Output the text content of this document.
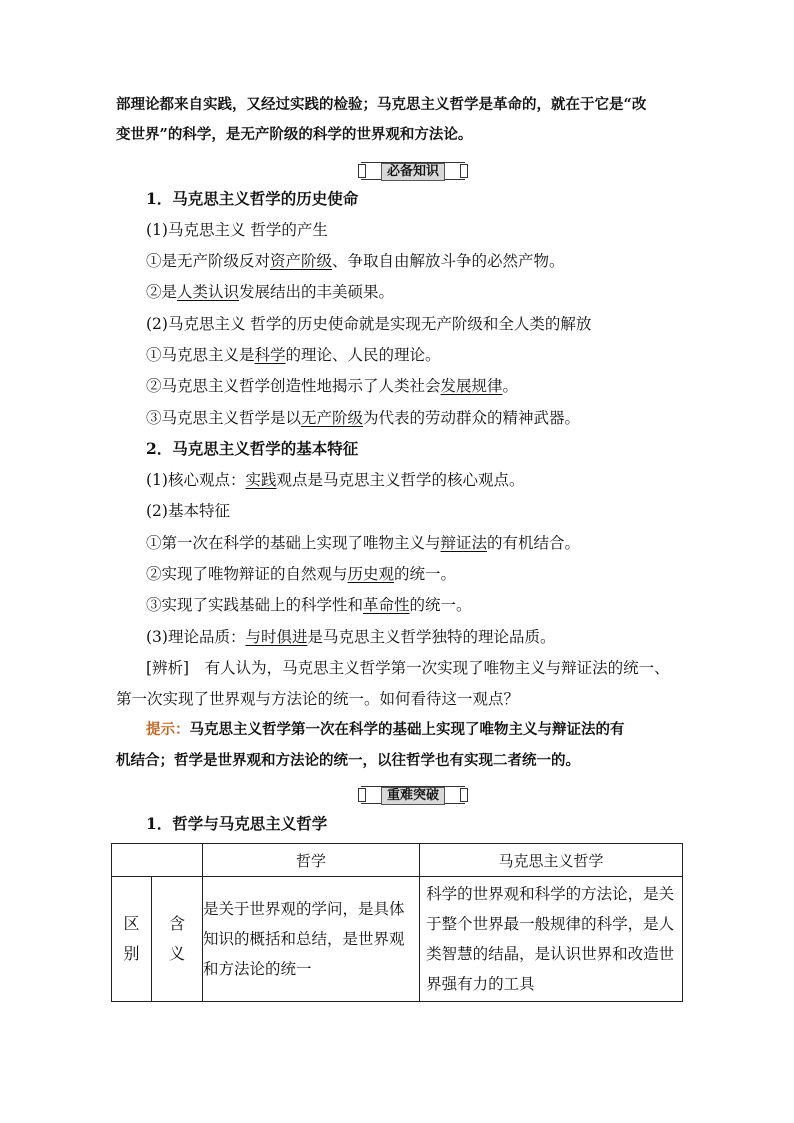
部理论都来自实践，又经过实践的检验；马克思主义哲学是革命的，就在于它是“改
变世界”的科学，是无产阶级的科学的世界观和方法论。
必备知识
1．马克思主义哲学的历史使命
(1)马克思主义 哲学的产生
①是无产阶级反对资产阶级、争取自由解放斗争的必然产物。
②是人类认识发展结出的丰美硕果。
(2)马克思主义 哲学的历史使命就是实现无产阶级和全人类的解放
①马克思主义是科学的理论、人民的理论。
②马克思主义哲学创造性地揭示了人类社会发展规律。
③马克思主义哲学是以无产阶级为代表的劳动群众的精神武器。
2．马克思主义哲学的基本特征
(1)核心观点：实践观点是马克思主义哲学的核心观点。
(2)基本特征
①第一次在科学的基础上实现了唯物主义与辩证法的有机结合。
②实现了唯物辩证的自然观与历史观的统一。
③实现了实践基础上的科学性和革命性的统一。
(3)理论品质：与时俱进是马克思主义哲学独特的理论品质。
[辨析]　有人认为，马克思主义哲学第一次实现了唯物主义与辩证法的统一、
第一次实现了世界观与方法论的统一。如何看待这一观点？
提示：马克思主义哲学第一次在科学的基础上实现了唯物主义与辩证法的有
机结合；哲学是世界观和方法论的统一，以往哲学也有实现二者统一的。
重难突破
1．哲学与马克思主义哲学
		哲学	马克思主义哲学
区别	含义	是关于世界观的学问，是具体知识的概括和总结，是世界观和方法论的统一	科学的世界观和科学的方法论，是关于整个世界最一般规律的科学，是人类智慧的结晶，是认识世界和改造世界强有力的工具
